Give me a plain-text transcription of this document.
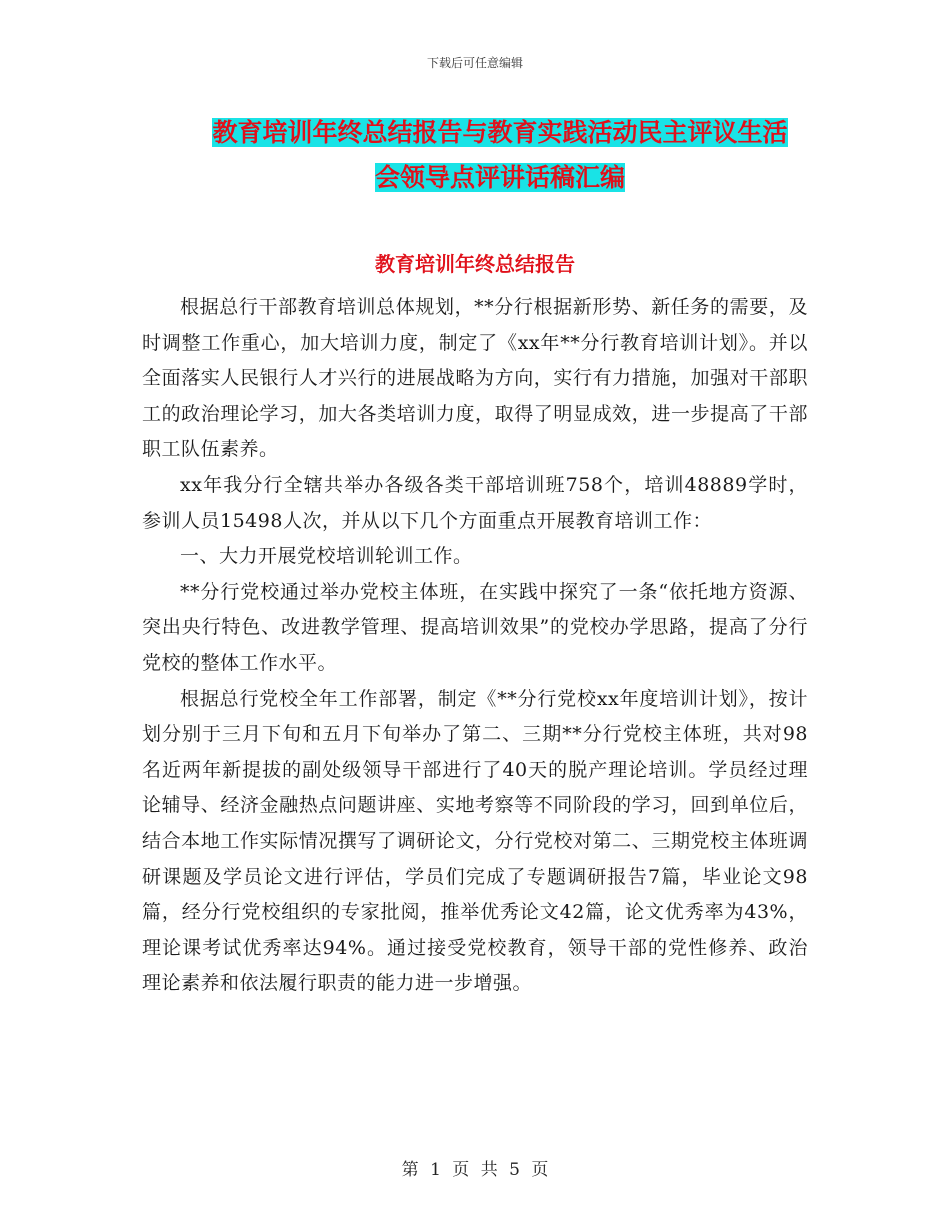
下载后可任意编辑
教育培训年终总结报告与教育实践活动民主评议生活
会领导点评讲话稿汇编
教育培训年终总结报告

根据总行干部教育培训总体规划，**分行根据新形势、新任务的需要，及时调整工作重心，加大培训力度，制定了《xx年**分行教育培训计划》。并以全面落实人民银行人才兴行的进展战略为方向，实行有力措施，加强对干部职工的政治理论学习，加大各类培训力度，取得了明显成效，进一步提高了干部职工队伍素养。

xx年我分行全辖共举办各级各类干部培训班758个，培训48889学时，参训人员15498人次，并从以下几个方面重点开展教育培训工作：

一、大力开展党校培训轮训工作。

**分行党校通过举办党校主体班，在实践中探究了一条“依托地方资源、突出央行特色、改进教学管理、提高培训效果”的党校办学思路，提高了分行党校的整体工作水平。

根据总行党校全年工作部署，制定《**分行党校xx年度培训计划》，按计划分别于三月下旬和五月下旬举办了第二、三期**分行党校主体班，共对98名近两年新提拔的副处级领导干部进行了40天的脱产理论培训。学员经过理论辅导、经济金融热点问题讲座、实地考察等不同阶段的学习，回到单位后，结合本地工作实际情况撰写了调研论文，分行党校对第二、三期党校主体班调研课题及学员论文进行评估，学员们完成了专题调研报告7篇，毕业论文98篇，经分行党校组织的专家批阅，推举优秀论文42篇，论文优秀率为43%，理论课考试优秀率达94%。通过接受党校教育，领导干部的党性修养、政治理论素养和依法履行职责的能力进一步增强。

第 1 页 共 5 页
